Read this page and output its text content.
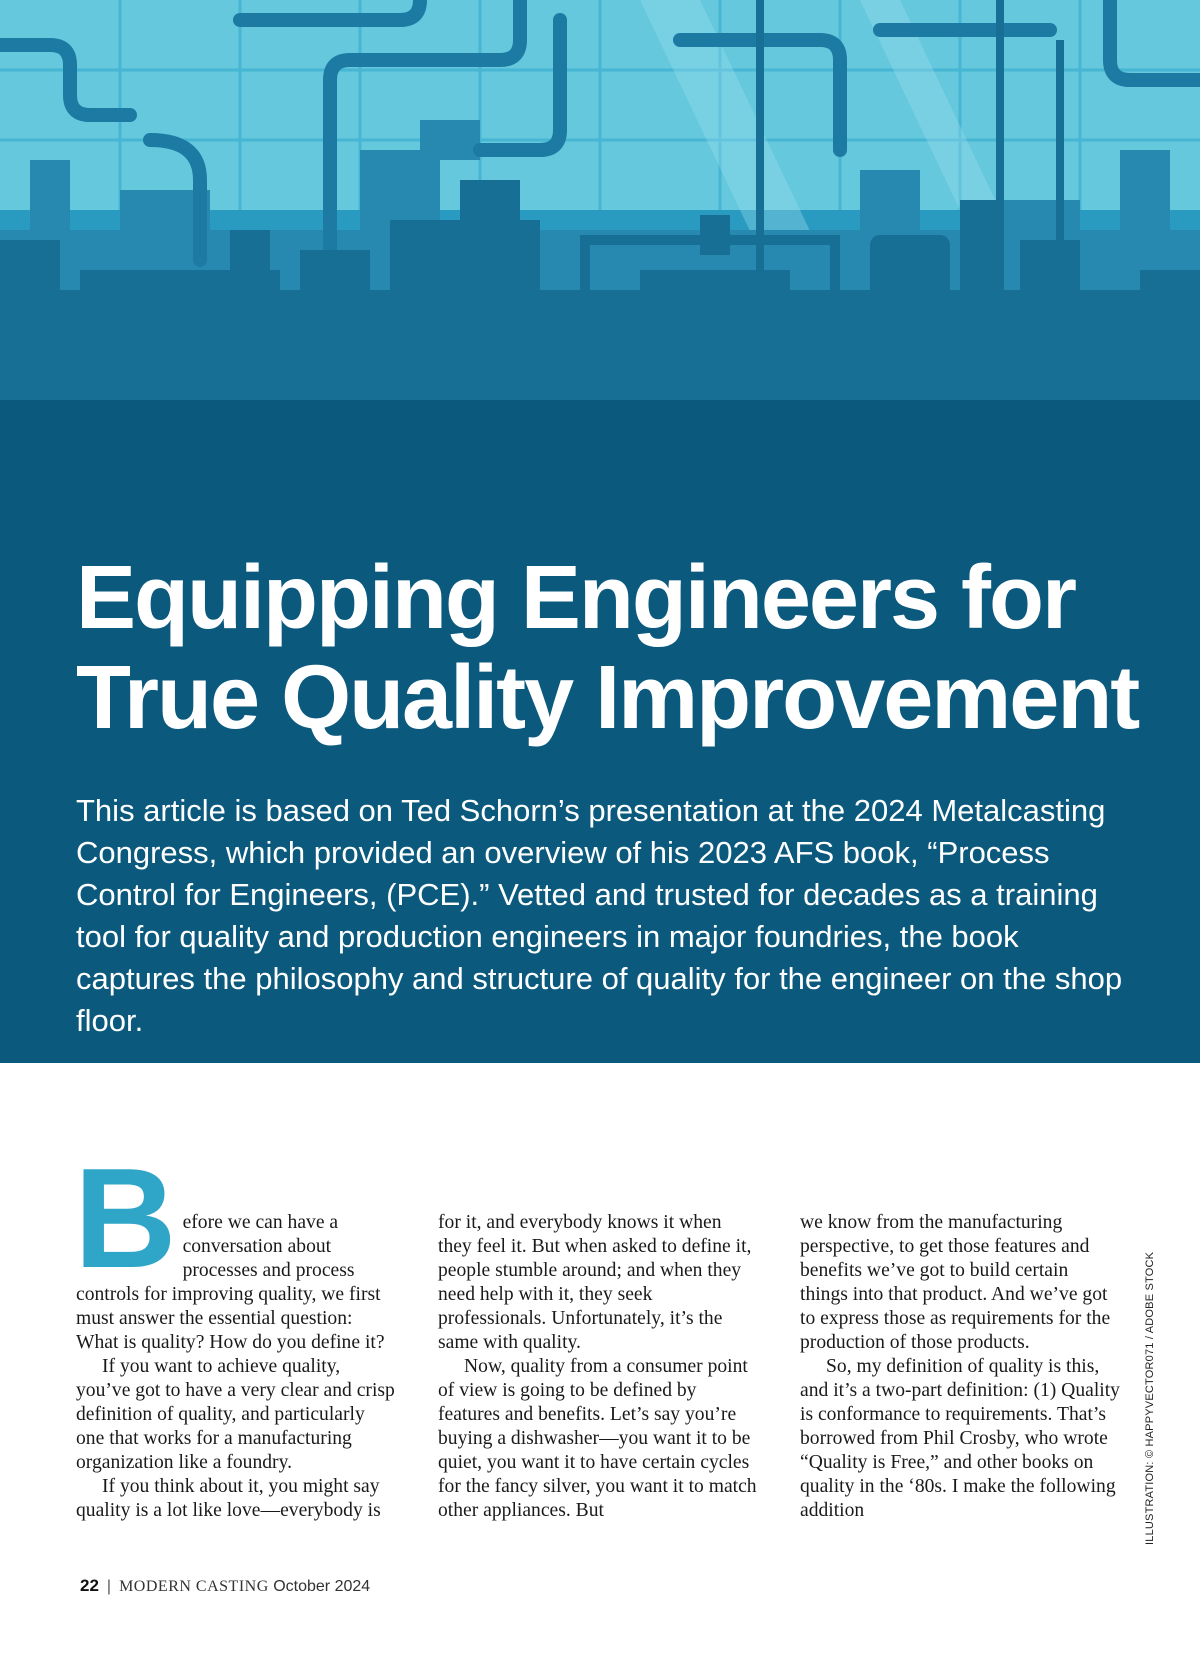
Equipping Engineers for
True Quality Improvement

This article is based on Ted Schorn’s presentation at the 2024 Metalcasting Congress, which provided an overview of his 2023 AFS book, “Process Control for Engineers, (PCE).” Vetted and trusted for decades as a training tool for quality and production engineers in major foundries, the book captures the philosophy and structure of quality for the engineer on the shop floor.

Before we can have a conversation about processes and process controls for improving quality, we first must answer the essential question: What is quality? How do you define it?

If you want to achieve quality, you’ve got to have a very clear and crisp definition of quality, and particularly one that works for a manufacturing organization like a foundry.

If you think about it, you might say quality is a lot like love—everybody is

for it, and everybody knows it when they feel it. But when asked to define it, people stumble around; and when they need help with it, they seek professionals. Unfortunately, it’s the same with quality.

Now, quality from a consumer point of view is going to be defined by features and benefits. Let’s say you’re buying a dishwasher—you want it to be quiet, you want it to have certain cycles for the fancy silver, you want it to match other appliances. But

we know from the manufacturing perspective, to get those features and benefits we’ve got to build certain things into that product. And we’ve got to express those as requirements for the production of those products.

So, my definition of quality is this, and it’s a two-part definition: (1) Quality is conformance to requirements. That’s borrowed from Phil Crosby, who wrote “Quality is Free,” and other books on quality in the ‘80s. I make the following addition	ILLUSTRATION: © HAPPYVECTOR071 / ADOBE STOCK
22 | MODERN CASTING October 2024
